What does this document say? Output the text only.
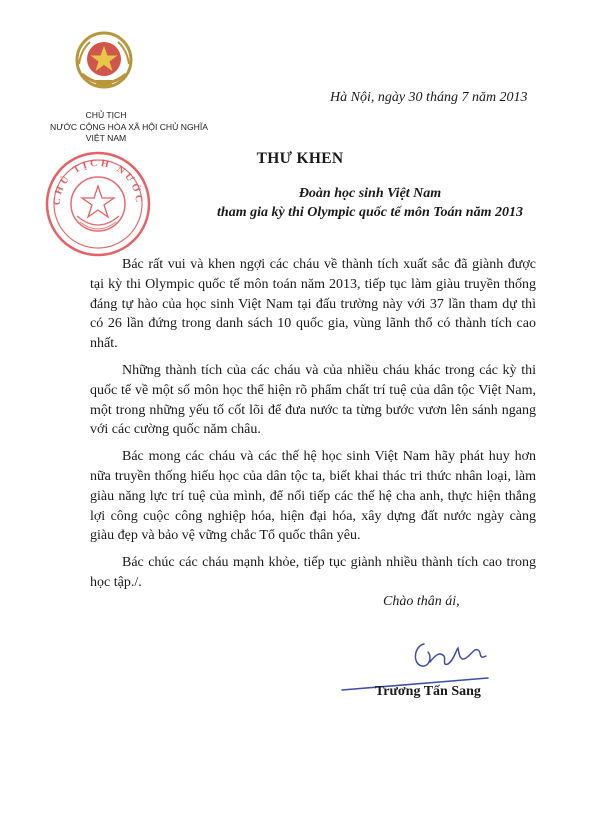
CHỦ TỊCH
NƯỚC CỘNG HÒA XÃ HỘI CHỦ NGHĨA
VIỆT NAM
CHỦ TỊCH NƯỚC
Hà Nội, ngày 30 tháng 7 năm 2013
THƯ KHEN
Đoàn học sinh Việt Nam
tham gia kỳ thi Olympic quốc tế môn Toán năm 2013

Bác rất vui và khen ngợi các cháu về thành tích xuất sắc đã giành được tại kỳ thi Olympic quốc tế môn toán năm 2013, tiếp tục làm giàu truyền thống đáng tự hào của học sinh Việt Nam tại đấu trường này với 37 lần tham dự thì có 26 lần đứng trong danh sách 10 quốc gia, vùng lãnh thổ có thành tích cao nhất.

Những thành tích của các cháu và của nhiều cháu khác trong các kỳ thi quốc tế về một số môn học thể hiện rõ phẩm chất trí tuệ của dân tộc Việt Nam, một trong những yếu tố cốt lõi để đưa nước ta từng bước vươn lên sánh ngang với các cường quốc năm châu.

Bác mong các cháu và các thế hệ học sinh Việt Nam hãy phát huy hơn nữa truyền thống hiếu học của dân tộc ta, biết khai thác tri thức nhân loại, làm giàu năng lực trí tuệ của mình, để nối tiếp các thế hệ cha anh, thực hiện thắng lợi công cuộc công nghiệp hóa, hiện đại hóa, xây dựng đất nước ngày càng giàu đẹp và bảo vệ vững chắc Tổ quốc thân yêu.

Bác chúc các cháu mạnh khỏe, tiếp tục giành nhiều thành tích cao trong học tập./.

Chào thân ái,
Trương Tấn Sang
